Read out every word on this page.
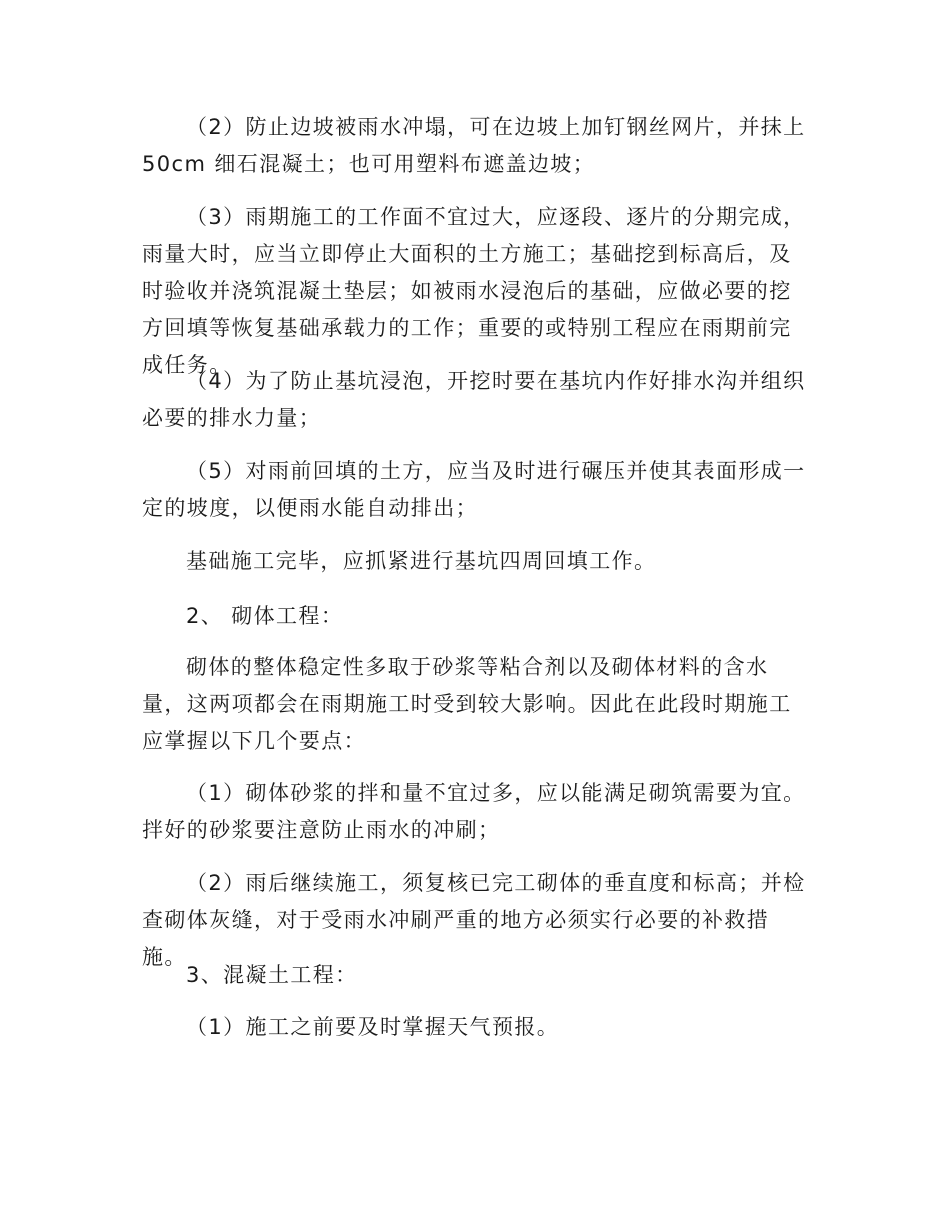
（2）防止边坡被雨水冲塌，可在边坡上加钉钢丝网片，并抹上50cm 细石混凝土；也可用塑料布遮盖边坡；

（3）雨期施工的工作面不宜过大，应逐段、逐片的分期完成，雨量大时，应当立即停止大面积的土方施工；基础挖到标高后，及时验收并浇筑混凝土垫层；如被雨水浸泡后的基础，应做必要的挖方回填等恢复基础承载力的工作；重要的或特别工程应在雨期前完成任务。

（4）为了防止基坑浸泡，开挖时要在基坑内作好排水沟并组织必要的排水力量；

（5）对雨前回填的土方，应当及时进行碾压并使其表面形成一定的坡度，以便雨水能自动排出；

基础施工完毕，应抓紧进行基坑四周回填工作。

2、 砌体工程：

砌体的整体稳定性多取于砂浆等粘合剂以及砌体材料的含水量，这两项都会在雨期施工时受到较大影响。因此在此段时期施工应掌握以下几个要点：

（1）砌体砂浆的拌和量不宜过多，应以能满足砌筑需要为宜。拌好的砂浆要注意防止雨水的冲刷；

（2）雨后继续施工，须复核已完工砌体的垂直度和标高；并检查砌体灰缝，对于受雨水冲刷严重的地方必须实行必要的补救措施。

3、混凝土工程：

（1）施工之前要及时掌握天气预报。
